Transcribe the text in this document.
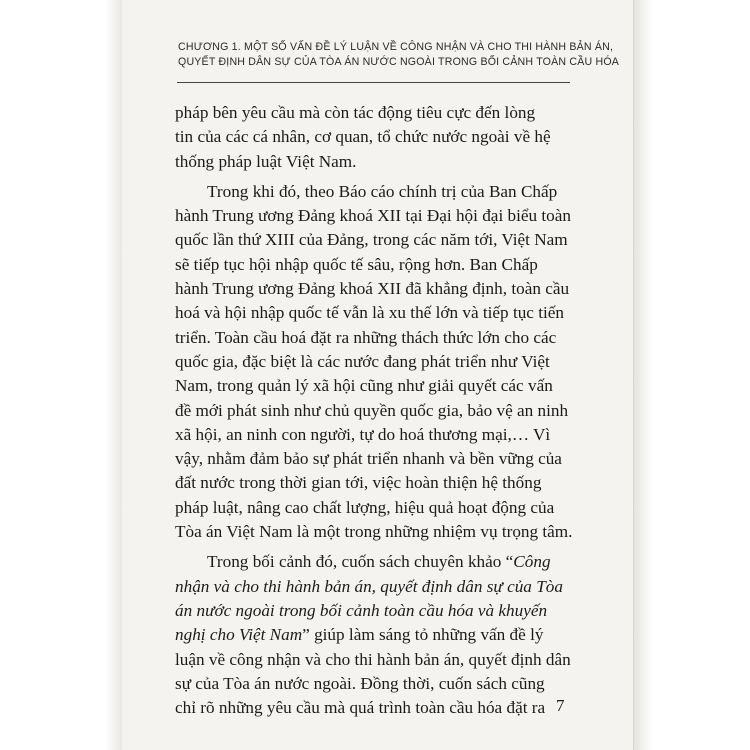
CHƯƠNG 1. MỘT SỐ VẤN ĐỀ LÝ LUẬN VỀ CÔNG NHẬN VÀ CHO THI HÀNH BẢN ÁN,
QUYẾT ĐỊNH DÂN SỰ CỦA TÒA ÁN NƯỚC NGOÀI TRONG BỐI CẢNH TOÀN CẦU HÓA

pháp bên yêu cầu mà còn tác động tiêu cực đến lòng
tin của các cá nhân, cơ quan, tổ chức nước ngoài về hệ
thống pháp luật Việt Nam.

Trong khi đó, theo Báo cáo chính trị của Ban Chấp
hành Trung ương Đảng khoá XII tại Đại hội đại biểu toàn
quốc lần thứ XIII của Đảng, trong các năm tới, Việt Nam
sẽ tiếp tục hội nhập quốc tế sâu, rộng hơn. Ban Chấp
hành Trung ương Đảng khoá XII đã khẳng định, toàn cầu
hoá và hội nhập quốc tế vẫn là xu thế lớn và tiếp tục tiến
triển. Toàn cầu hoá đặt ra những thách thức lớn cho các
quốc gia, đặc biệt là các nước đang phát triển như Việt
Nam, trong quản lý xã hội cũng như giải quyết các vấn
đề mới phát sinh như chủ quyền quốc gia, bảo vệ an ninh
xã hội, an ninh con người, tự do hoá thương mại,… Vì
vậy, nhằm đảm bảo sự phát triển nhanh và bền vững của
đất nước trong thời gian tới, việc hoàn thiện hệ thống
pháp luật, nâng cao chất lượng, hiệu quả hoạt động của
Tòa án Việt Nam là một trong những nhiệm vụ trọng tâm.

Trong bối cảnh đó, cuốn sách chuyên khảo “Công
nhận và cho thi hành bản án, quyết định dân sự của Tòa
án nước ngoài trong bối cảnh toàn cầu hóa và khuyến
nghị cho Việt Nam” giúp làm sáng tỏ những vấn đề lý
luận về công nhận và cho thi hành bản án, quyết định dân
sự của Tòa án nước ngoài. Đồng thời, cuốn sách cũng
chỉ rõ những yêu cầu mà quá trình toàn cầu hóa đặt ra 7
